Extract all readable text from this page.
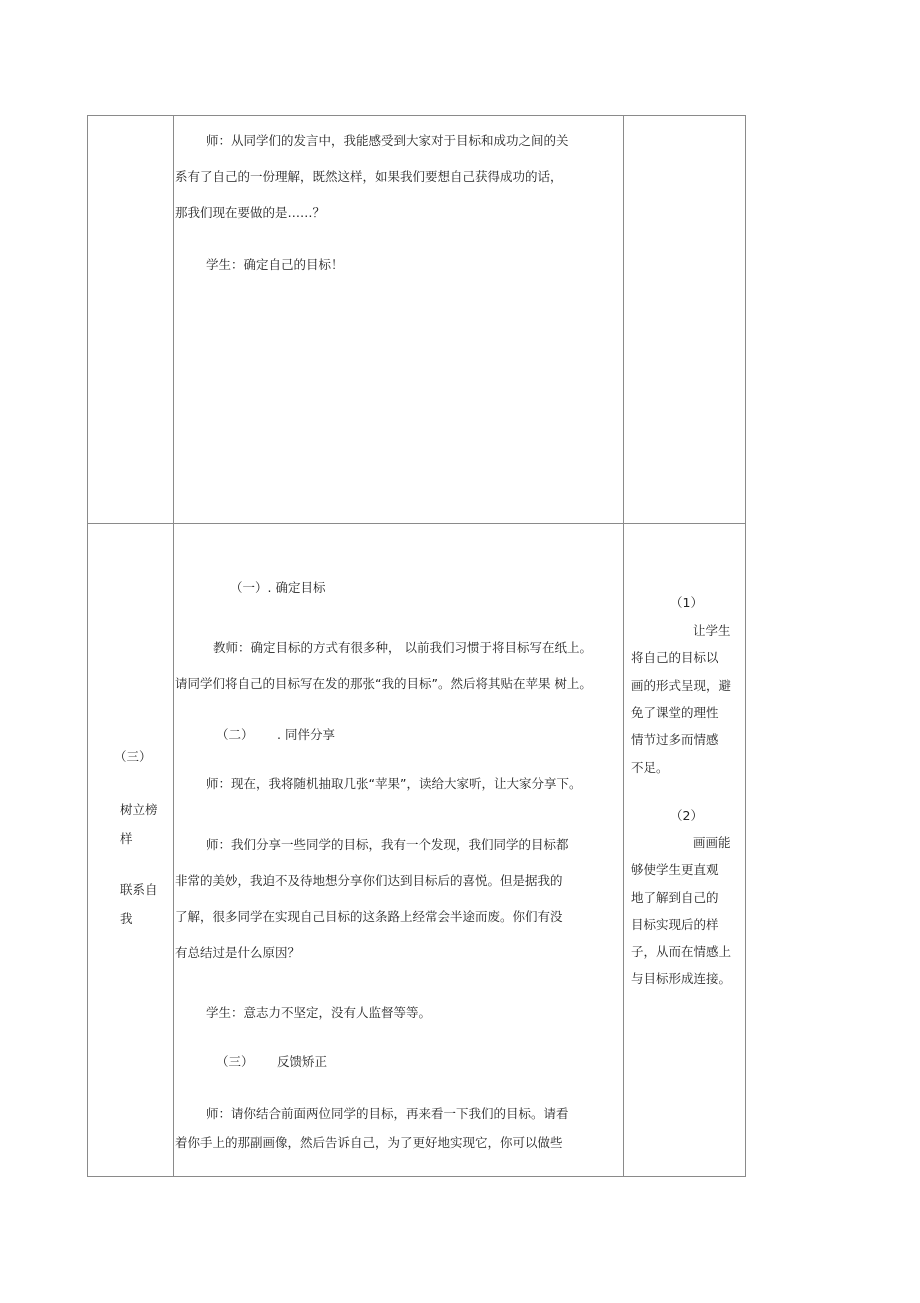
师：从同学们的发言中，我能感受到大家对于目标和成功之间的关
系有了自己的一份理解，既然这样，如果我们要想自己获得成功的话，
那我们现在要做的是……？
学生：确定自己的目标！
（三）
树立榜
样
联系自
我
（一）. 确定目标
教师：确定目标的方式有很多种， 以前我们习惯于将目标写在纸上。
请同学们将自己的目标写在发的那张“我的目标”。然后将其贴在苹果 树上。
（二） . 同伴分享
师：现在，我将随机抽取几张“苹果”，读给大家听，让大家分享下。
师：我们分享一些同学的目标，我有一个发现，我们同学的目标都
非常的美妙，我迫不及待地想分享你们达到目标后的喜悦。但是据我的
了解，很多同学在实现自己目标的这条路上经常会半途而废。你们有没
有总结过是什么原因？
学生：意志力不坚定，没有人监督等等。
（三） 反馈矫正
师：请你结合前面两位同学的目标，再来看一下我们的目标。请看
着你手上的那副画像，然后告诉自己，为了更好地实现它，你可以做些
（1）
让学生
将自己的目标以
画的形式呈现，避
免了课堂的理性
情节过多而情感
不足。
（2）
画画能
够使学生更直观
地了解到自己的
目标实现后的样
子，从而在情感上
与目标形成连接。
